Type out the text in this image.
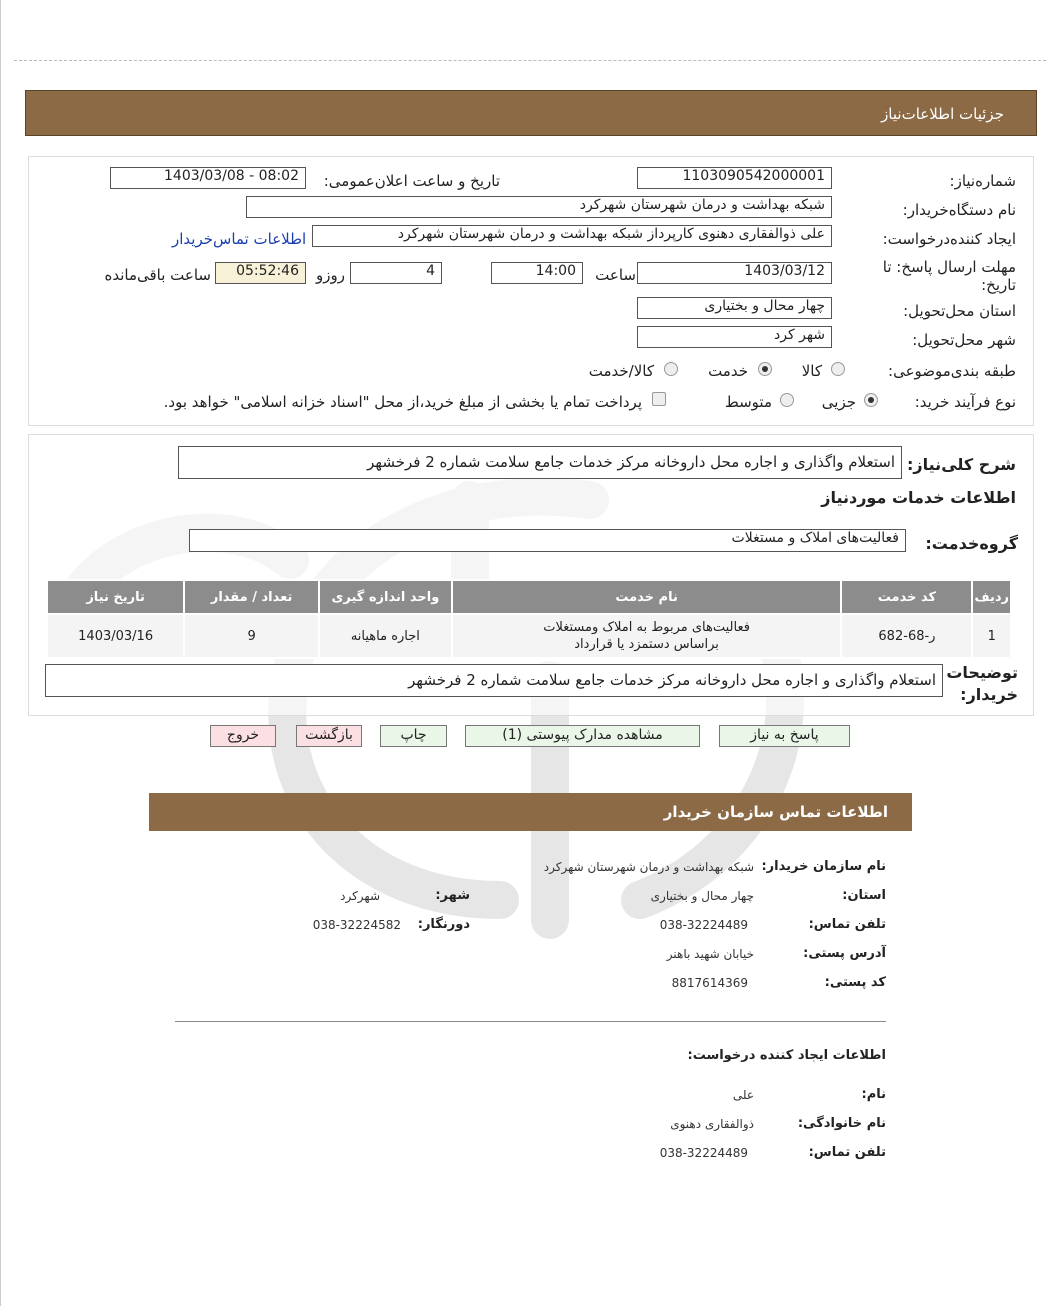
جزئیات اطلاعات‌نیاز
شماره‌نیاز:
1103090542000001
تاریخ و ساعت اعلان‌عمومی:
1403/03/08 - 08:02
نام دستگاه‌خریدار:
شبکه بهداشت و درمان شهرستان شهرکرد
ایجاد کننده‌درخواست:
علی ذوالفقاری دهنوی کارپرداز شبکه بهداشت و درمان شهرستان شهرکرد
اطلاعات تماس‌خریدار
مهلت ارسال پاسخ: تا تاریخ:
1403/03/12
ساعت
14:00
4
روزو
05:52:46
ساعت باقی‌مانده
استان محل‌تحویل:
چهار محال و بختیاری
شهر محل‌تحویل:
شهر کرد
طبقه بندی‌موضوعی:
کالا
خدمت
کالا/خدمت
نوع فرآیند خرید:
جزیی
متوسط
پرداخت تمام یا بخشی از مبلغ خرید،از محل "اسناد خزانه اسلامی" خواهد بود.
شرح کلی‌نیاز:
استعلام واگذاری و اجاره محل داروخانه مرکز خدمات جامع سلامت شماره 2 فرخشهر
اطلاعات خدمات موردنیاز
گروه‌خدمت:
فعالیت‌های املاک و مستغلات
ردیف	کد خدمت	نام خدمت	واحد اندازه گیری	تعداد / مقدار	تاریخ نیاز
1	ر-68-682	فعالیت‌های مربوط به املاک ومستغلات
براساس دستمزد یا قرارداد	اجاره ماهیانه	9	1403/03/16
توضیحات خریدار:
استعلام واگذاری و اجاره محل داروخانه مرکز خدمات جامع سلامت شماره 2 فرخشهر
پاسخ به نیاز
مشاهده مدارک پیوستی (1)
چاپ
بازگشت
خروج
اطلاعات تماس سازمان خریدار
نام سازمان خریدار:
شبکه بهداشت و درمان شهرستان شهرکرد
استان:
چهار محال و بختیاری
شهر:
شهرکرد
تلفن تماس:
038-32224489
دورنگار:
038-32224582
آدرس پستی:
خیابان شهید باهنر
کد پستی:
8817614369
اطلاعات ایجاد کننده درخواست:
نام:
علی
نام خانوادگی:
ذوالفقاری دهنوی
تلفن تماس:
038-32224489
